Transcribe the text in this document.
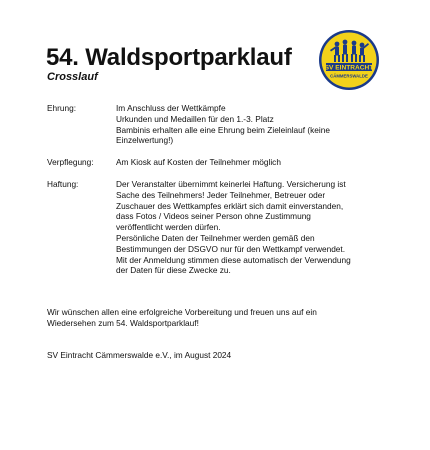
54. Waldsportparklauf
Crosslauf
SV EINTRACHT
CÄMMERSWALDE
Ehrung:	Im Anschluss der Wettkämpfe
Urkunden und Medaillen für den 1.-3. Platz
Bambinis erhalten alle eine Ehrung beim Zieleinlauf (keine
Einzelwertung!)
Verpflegung:	Am Kiosk auf Kosten der Teilnehmer möglich
Haftung:	Der Veranstalter übernimmt keinerlei Haftung. Versicherung ist
Sache des Teilnehmers! Jeder Teilnehmer, Betreuer oder
Zuschauer des Wettkampfes erklärt sich damit einverstanden,
dass Fotos / Videos seiner Person ohne Zustimmung
veröffentlicht werden dürfen.
Persönliche Daten der Teilnehmer werden gemäß den
Bestimmungen der DSGVO nur für den Wettkampf verwendet.
Mit der Anmeldung stimmen diese automatisch der Verwendung
der Daten für diese Zwecke zu.
Wir wünschen allen eine erfolgreiche Vorbereitung und freuen uns auf ein
Wiedersehen zum 54. Waldsportparklauf!
SV Eintracht Cämmerswalde e.V., im August 2024
